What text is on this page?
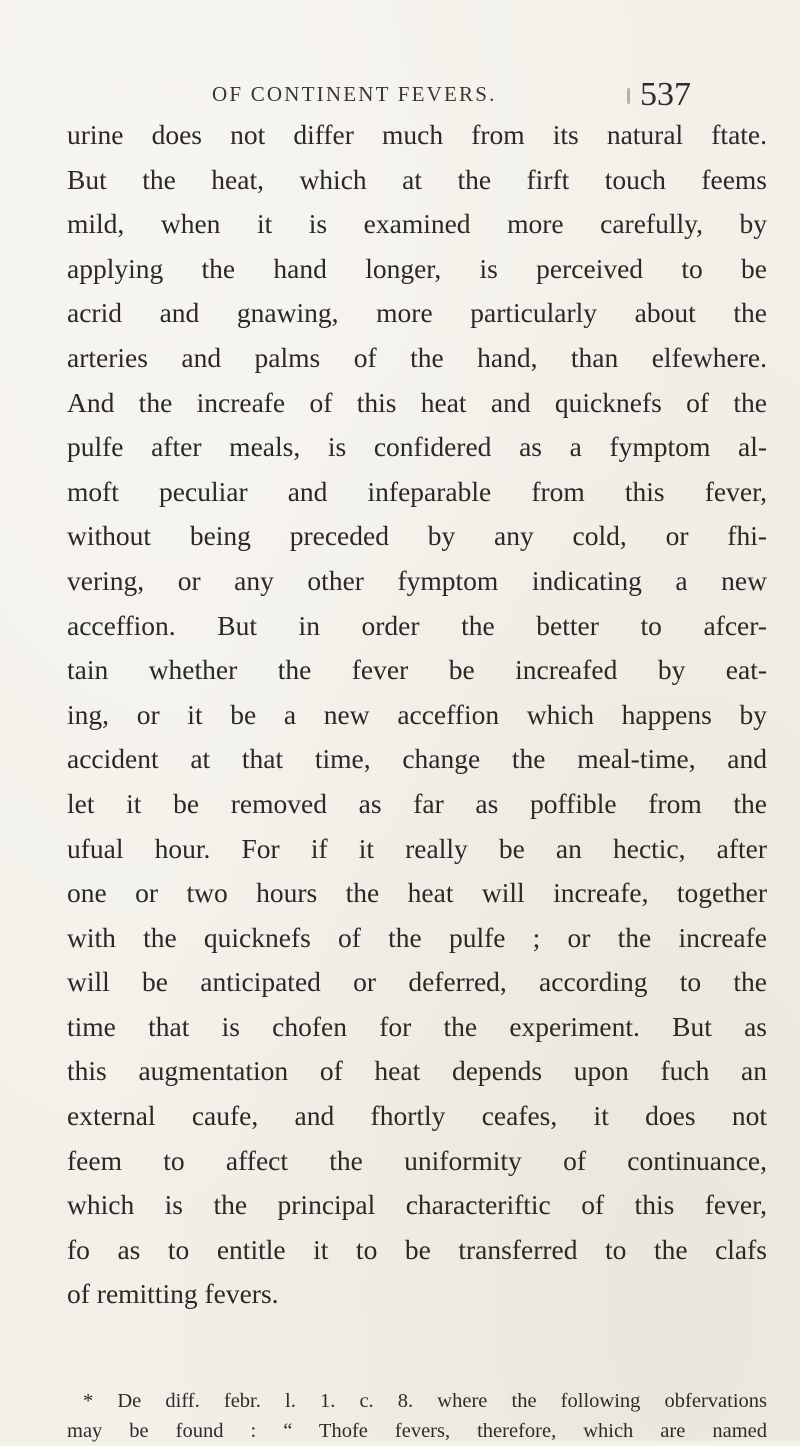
OF CONTINENT FEVERS.	537
urine does not differ much from its natural ftate.
But the heat, which at the firft touch feems
mild, when it is examined more carefully, by
applying the hand longer, is perceived to be
acrid and gnawing, more particularly about the
arteries and palms of the hand, than elfewhere.
And the increafe of this heat and quicknefs of the
pulfe after meals, is confidered as a fymptom al-
moft peculiar and infeparable from this fever,
without being preceded by any cold, or fhi-
vering, or any other fymptom indicating a new
acceffion. But in order the better to afcer-
tain whether the fever be increafed by eat-
ing, or it be a new acceffion which happens by
accident at that time, change the meal-time, and
let it be removed as far as poffible from the
ufual hour. For if it really be an hectic, after
one or two hours the heat will increafe, together
with the quicknefs of the pulfe ; or the increafe
will be anticipated or deferred, according to the
time that is chofen for the experiment. But as
this augmentation of heat depends upon fuch an
external caufe, and fhortly ceafes, it does not
feem to affect the uniformity of continuance,
which is the principal characteriftic of this fever,
fo as to entitle it to be transferred to the clafs
of remitting fevers.
* De diff. febr. l. 1. c. 8. where the following obfervations
may be found : “ Thofe fevers, therefore, which are named
